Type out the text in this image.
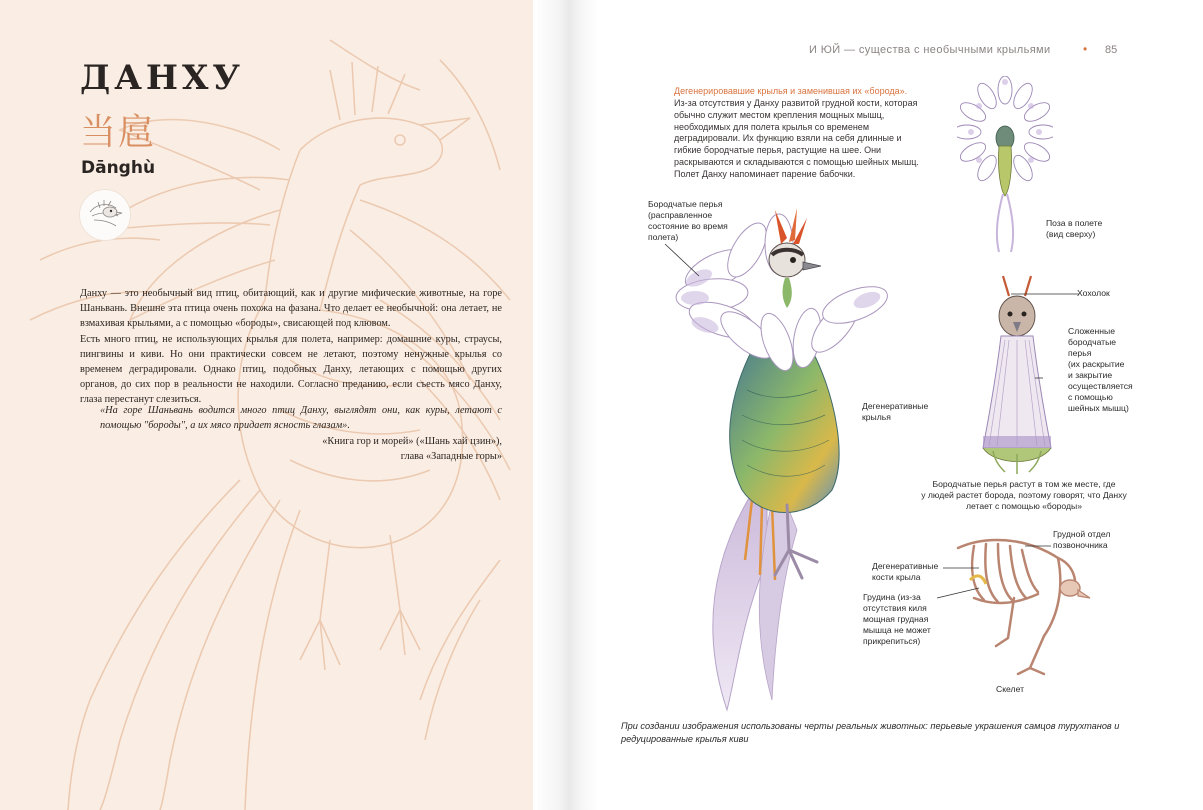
ДАНХУ
当扈
Dānghù

Данху — это необычный вид птиц, обитающий, как и другие мифические животные, на горе Шаньвань. Внешне эта птица очень похожа на фазана. Что делает ее необычной: она летает, не взмахивая крыльями, а с помощью «бороды», свисающей под клювом.

Есть много птиц, не использующих крылья для полета, например: домашние куры, страусы, пингвины и киви. Но они практически совсем не летают, поэтому ненужные крылья со временем деградировали. Однако птиц, подобных Данху, летающих с помощью других органов, до сих пор в реальности не находили. Согласно преданию, если съесть мясо Данху, глаза перестанут слезиться.

«На горе Шаньвань водится много птиц Данху, выглядят они, как куры, летают с помощью "бороды", а их мясо придает ясность глазам».

«Книга гор и морей» («Шань хай цзин»),
глава «Западные горы»
И ЮЙ — существа с необычными крыльями	• 85

Дегенерировавшие крылья и заменившая их «борода».

Из-за отсутствия у Данху развитой грудной кости, которая обычно служит местом крепления мощных мышц, необходимых для полета крылья со временем деградировали. Их функцию взяли на себя длинные и гибкие бородчатые перья, растущие на шее. Они раскрываются и складываются с помощью шейных мышц. Полет Данху напоминает парение бабочки.

Бородчатые перья
(расправленное
состояние во время
полета)
Поза в полете
(вид сверху)
Хохолок
Сложенные
бородчатые
перья
(их раскрытие
и закрытие
осуществляется
с помощью
шейных мышц)
Дегенеративные
крылья
Бородчатые перья растут в том же месте, где
у людей растет борода, поэтому говорят, что Данху
летает с помощью «бороды»
Грудной отдел
позвоночника
Дегенеративные
кости крыла
Грудина (из-за
отсутствия киля
мощная грудная
мышца не может
прикрепиться)
Скелет

При создании изображения использованы черты реальных животных: перьевые украшения самцов турухтанов и редуцированные крылья киви
